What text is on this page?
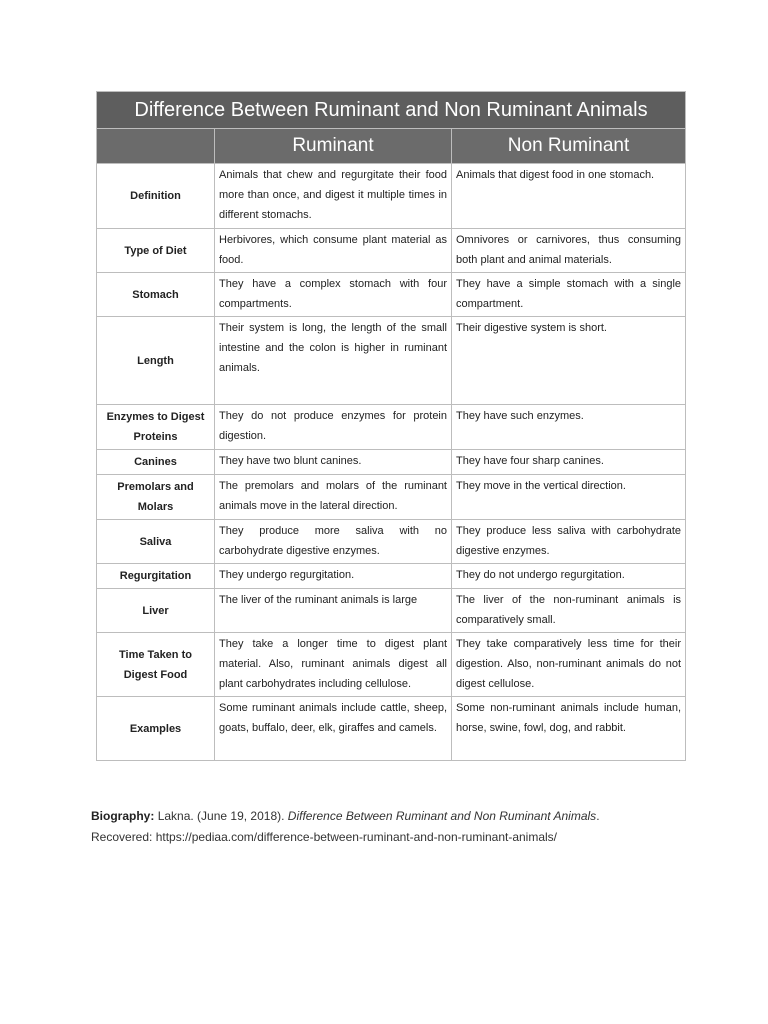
Difference Between Ruminant and Non Ruminant Animals		
	Ruminant	Non Ruminant
Definition	Animals that chew and regurgitate their food more than once, and digest it multiple times in different stomachs.	Animals that digest food in one stomach.
Type of Diet	Herbivores, which consume plant material as food.	Omnivores or carnivores, thus consuming both plant and animal materials.
Stomach	They have a complex stomach with four compartments.	They have a simple stomach with a single compartment.
Length	Their system is long, the length of the small intestine and the colon is higher in ruminant animals.	Their digestive system is short.
Enzymes to Digest Proteins	They do not produce enzymes for protein digestion.	They have such enzymes.
Canines	They have two blunt canines.	They have four sharp canines.
Premolars and Molars	The premolars and molars of the ruminant animals move in the lateral direction.	They move in the vertical direction.
Saliva	They produce more saliva with no carbohydrate digestive enzymes.	They produce less saliva with carbohydrate digestive enzymes.
Regurgitation	They undergo regurgitation.	They do not undergo regurgitation.
Liver	The liver of the ruminant animals is large	The liver of the non-ruminant animals is comparatively small.
Time Taken to Digest Food	They take a longer time to digest plant material. Also, ruminant animals digest all plant carbohydrates including cellulose.	They take comparatively less time for their digestion. Also, non-ruminant animals do not digest cellulose.
Examples	Some ruminant animals include cattle, sheep, goats, buffalo, deer, elk, giraffes and camels.	Some non-ruminant animals include human, horse, swine, fowl, dog, and rabbit.
Biography: Lakna. (June 19, 2018). Difference Between Ruminant and Non Ruminant Animals.
Recovered: https://pediaa.com/difference-between-ruminant-and-non-ruminant-animals/
